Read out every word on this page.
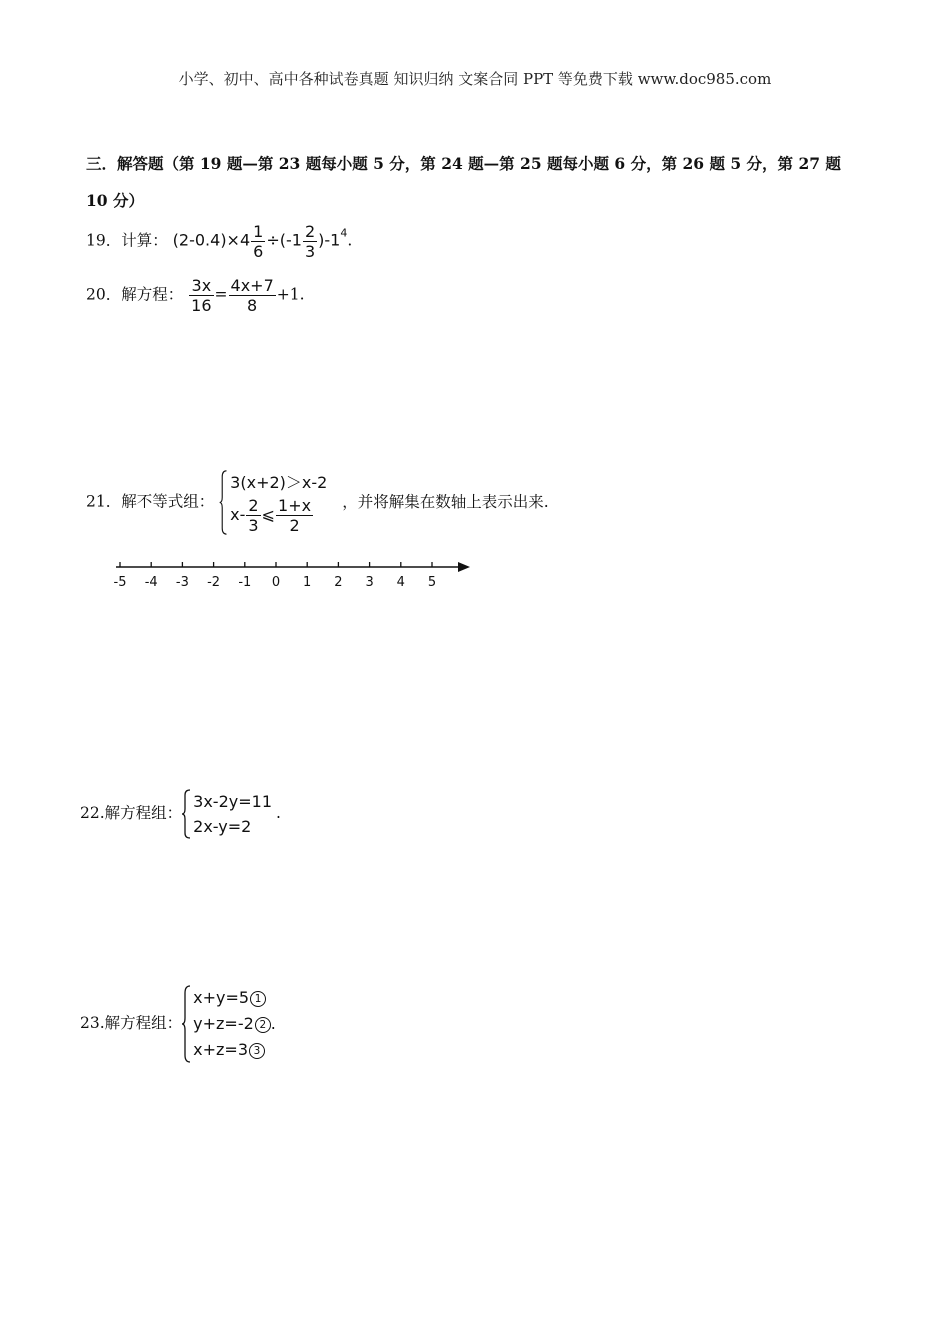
小学、初中、高中各种试卷真题 知识归纳 文案合同 PPT 等免费下载 www.doc985.com
三．解答题（第 19 题—第 23 题每小题 5 分，第 24 题—第 25 题每小题 6 分，第 26 题 5 分，第 27 题 10 分）
19．计算： $(2-0.4)\times 4 \frac{1}{6} \div(-1 \frac{2}{3} )-1^4$.
20．解方程： $\frac{3x}{16} = \frac{4x+7}{8} +1$.
21．解不等式组：
3(x+2)＞x-2
$x- \frac{2}{3}$ ⩽ $\frac{1+x}{2}$ ，并将解集在数轴上表示出来.
-5 -4 -3 -2 -1 0 1 2 3 4 5
22.解方程组：
3x-2y=11
2x-y=2
.
23.解方程组：
x+y=5 1
y+z=-2 2 .
x+z=3 3
